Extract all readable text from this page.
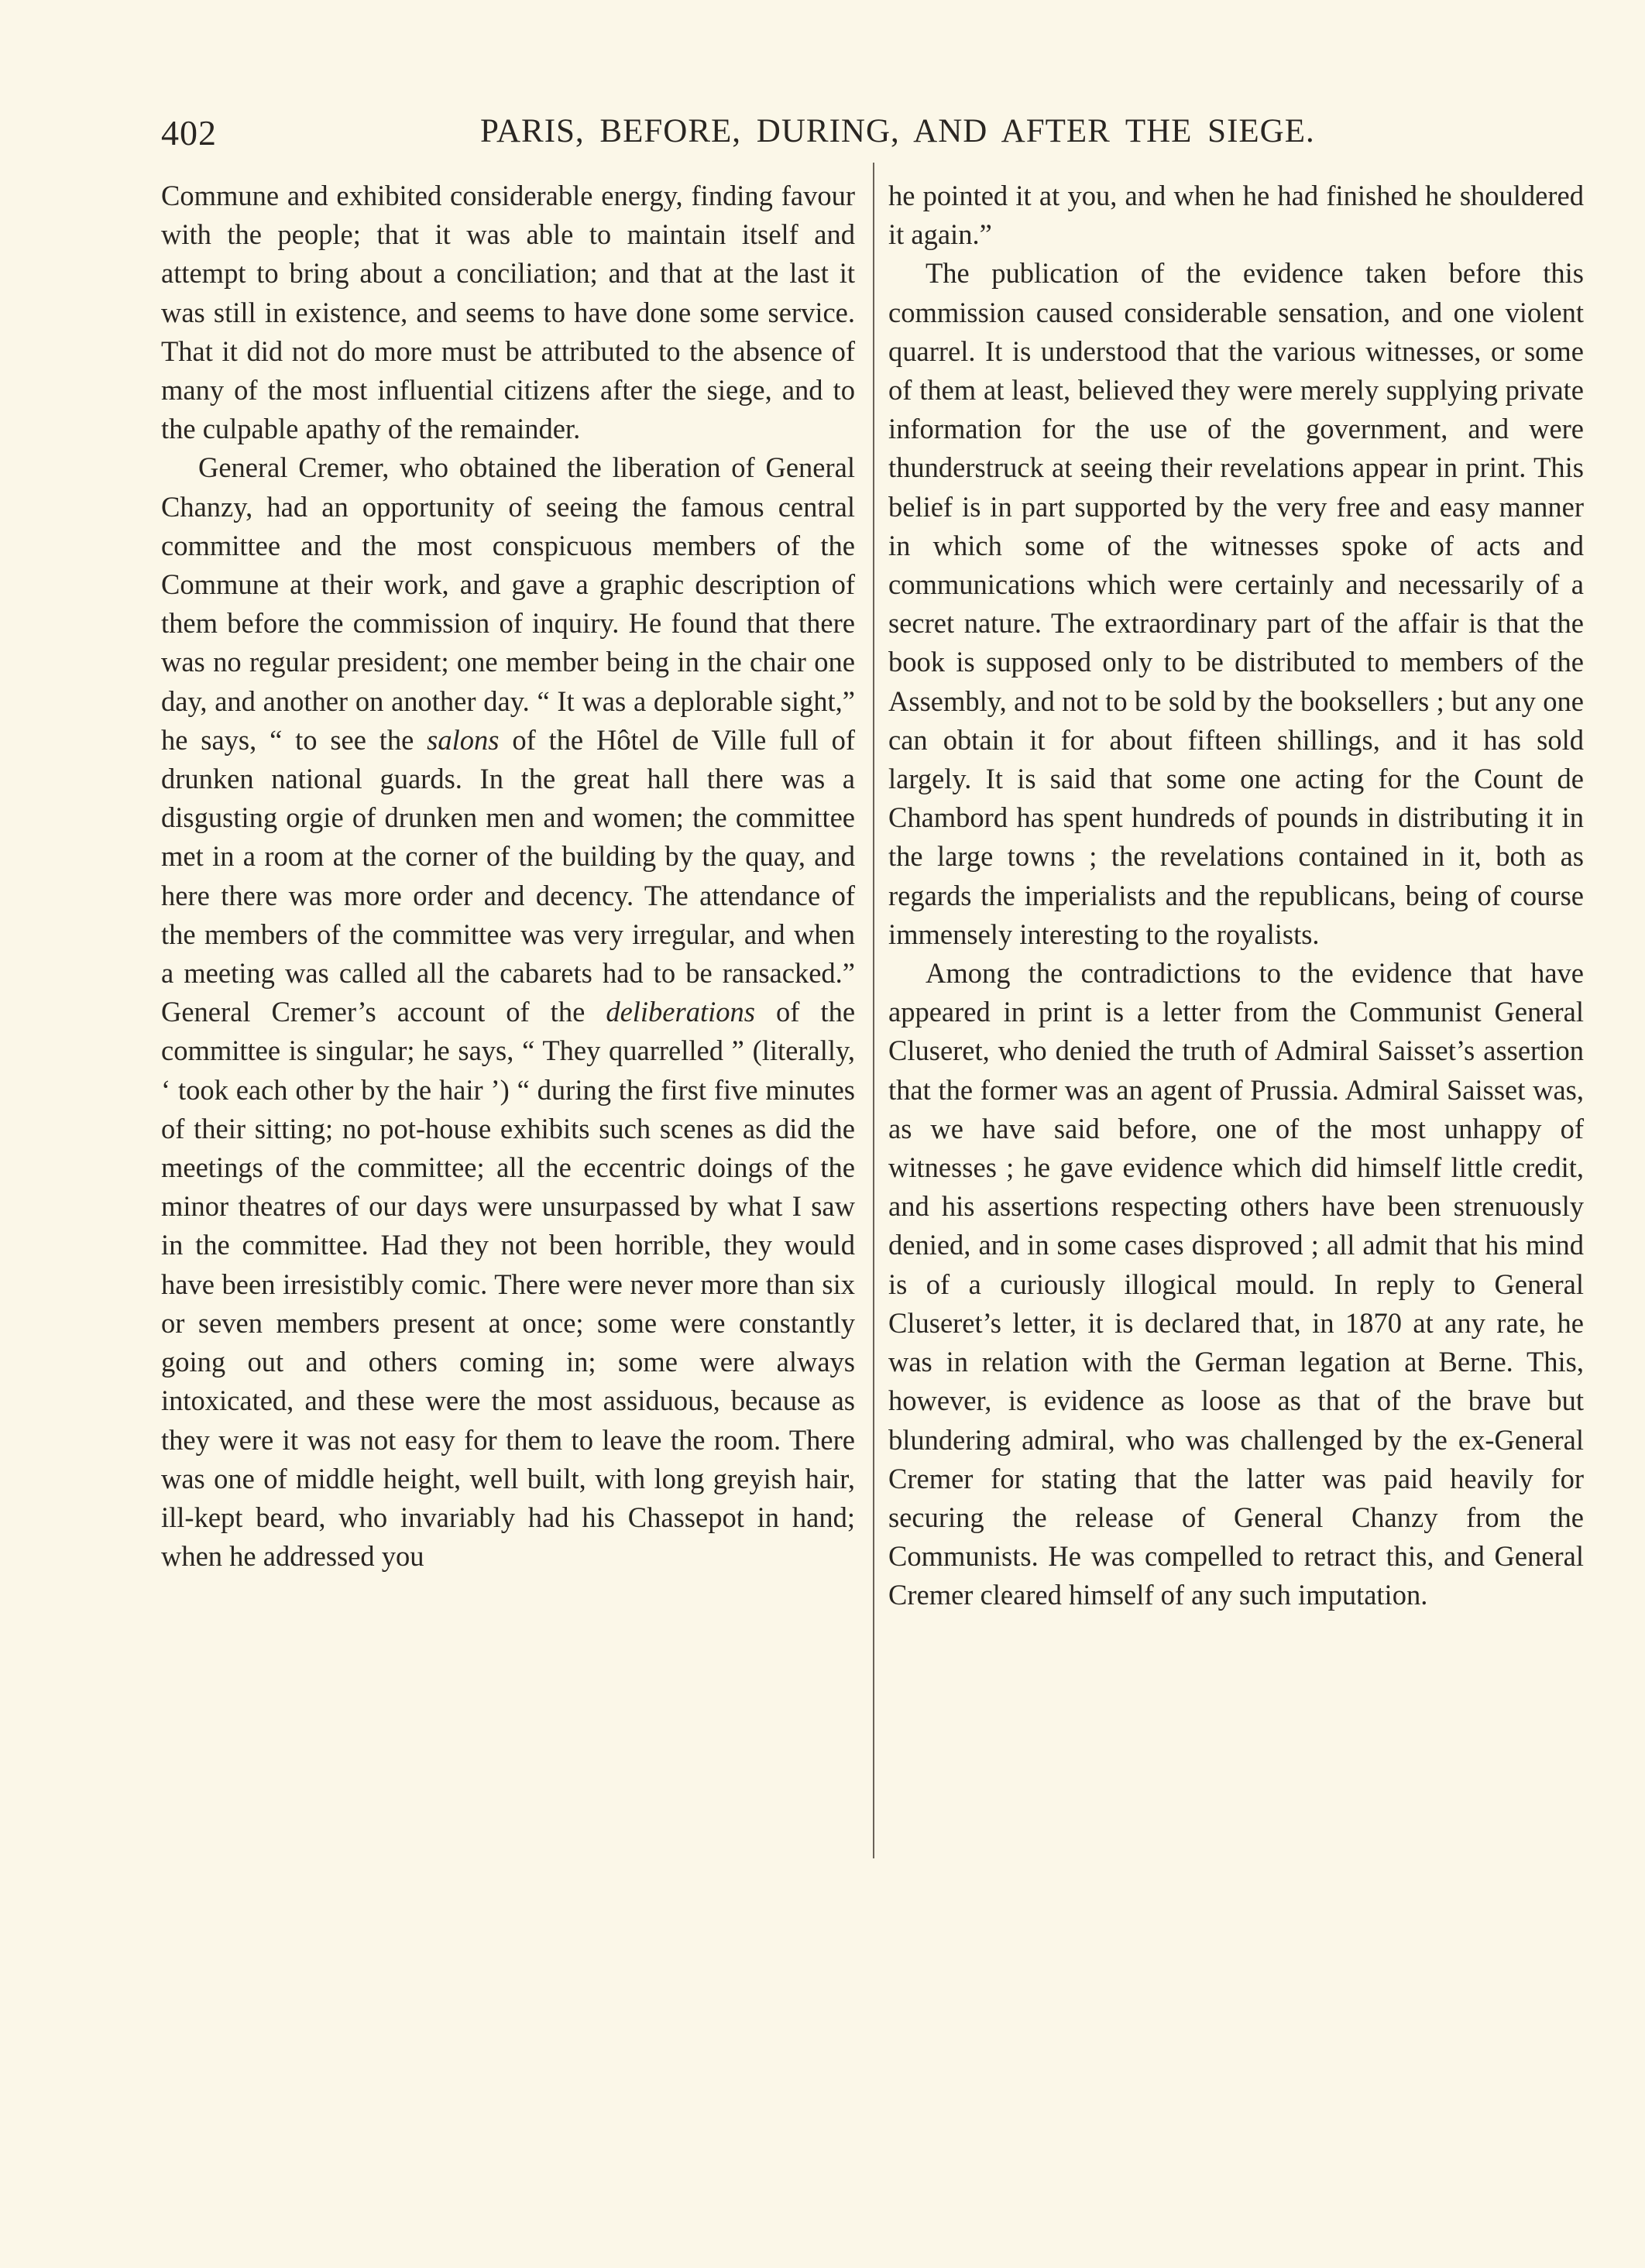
402	PARIS, BEFORE, DURING, AND AFTER THE SIEGE.

Commune and exhibited considerable energy, finding favour with the people; that it was able to maintain itself and attempt to bring about a conciliation; and that at the last it was still in existence, and seems to have done some service. That it did not do more must be attributed to the absence of many of the most influential citizens after the siege, and to the culpable apathy of the remainder.

General Cremer, who obtained the liberation of General Chanzy, had an opportunity of seeing the famous central committee and the most conspicuous members of the Commune at their work, and gave a graphic description of them before the commission of inquiry. He found that there was no regular president; one member being in the chair one day, and another on another day. “ It was a deplorable sight,” he says, “ to see the salons of the Hôtel de Ville full of drunken national guards. In the great hall there was a disgusting orgie of drunken men and women; the committee met in a room at the corner of the building by the quay, and here there was more order and decency. The attendance of the members of the committee was very irregular, and when a meeting was called all the cabarets had to be ransacked.” General Cremer’s account of the deliberations of the committee is singular; he says, “ They quarrelled ” (literally, ‘ took each other by the hair ’) “ during the first five minutes of their sitting; no pot-house exhibits such scenes as did the meetings of the committee; all the eccentric doings of the minor theatres of our days were unsurpassed by what I saw in the committee. Had they not been horrible, they would have been irresistibly comic. There were never more than six or seven members present at once; some were constantly going out and others coming in; some were always intoxicated, and these were the most assiduous, because as they were it was not easy for them to leave the room. There was one of middle height, well built, with long greyish hair, ill-kept beard, who invariably had his Chassepot in hand; when he addressed you

he pointed it at you, and when he had finished he shouldered it again.”

The publication of the evidence taken before this commission caused considerable sensation, and one violent quarrel. It is understood that the various witnesses, or some of them at least, believed they were merely supplying private information for the use of the government, and were thunderstruck at seeing their revelations appear in print. This belief is in part supported by the very free and easy manner in which some of the witnesses spoke of acts and communications which were certainly and necessarily of a secret nature. The extraordinary part of the affair is that the book is supposed only to be distributed to members of the Assembly, and not to be sold by the booksellers ; but any one can obtain it for about fifteen shillings, and it has sold largely. It is said that some one acting for the Count de Chambord has spent hundreds of pounds in distributing it in the large towns ; the revelations contained in it, both as regards the imperialists and the republicans, being of course immensely interesting to the royalists.

Among the contradictions to the evidence that have appeared in print is a letter from the Communist General Cluseret, who denied the truth of Admiral Saisset’s assertion that the former was an agent of Prussia. Admiral Saisset was, as we have said before, one of the most unhappy of witnesses ; he gave evidence which did himself little credit, and his assertions respecting others have been strenuously denied, and in some cases disproved ; all admit that his mind is of a curiously illogical mould. In reply to General Cluseret’s letter, it is declared that, in 1870 at any rate, he was in relation with the German legation at Berne. This, however, is evidence as loose as that of the brave but blundering admiral, who was challenged by the ex-General Cremer for stating that the latter was paid heavily for securing the release of General Chanzy from the Communists. He was compelled to retract this, and General Cremer cleared himself of any such imputation.
